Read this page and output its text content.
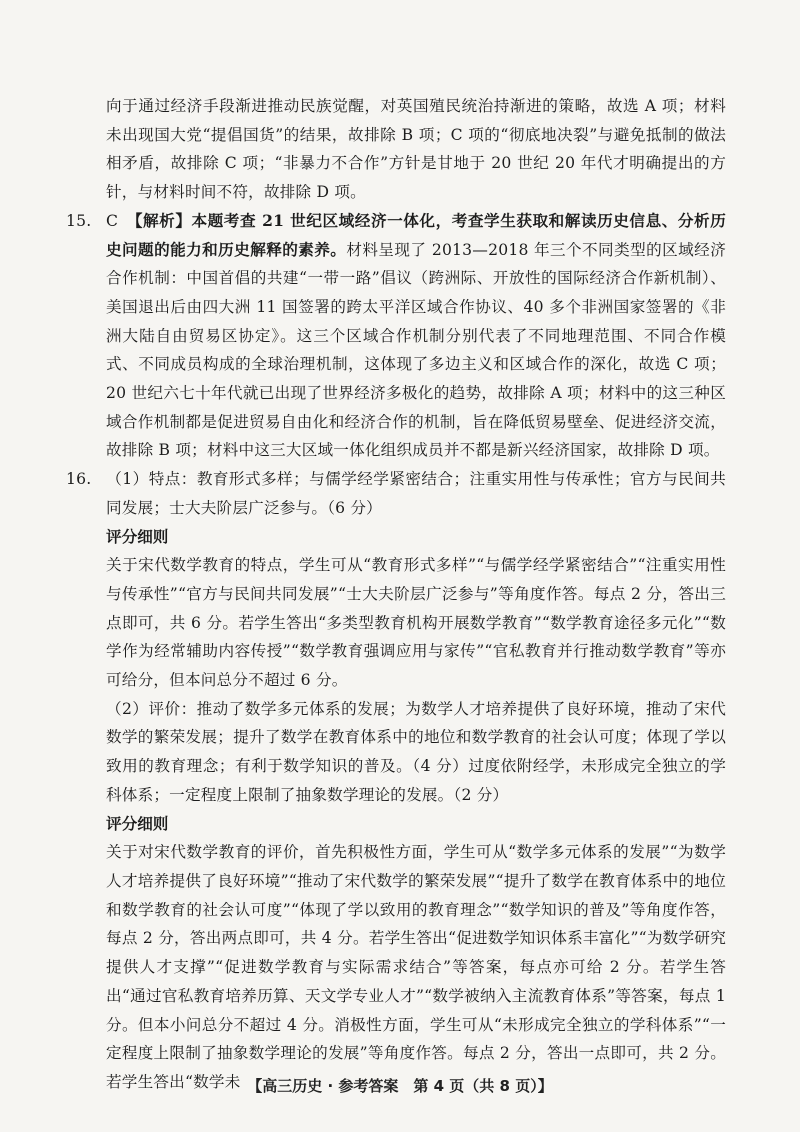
向于通过经济手段渐进推动民族觉醒，对英国殖民统治持渐进的策略，故选 A 项；材料未出现国大党“提倡国货”的结果，故排除 B 项；C 项的“彻底地决裂”与避免抵制的做法相矛盾，故排除 C 项；“非暴力不合作”方针是甘地于 20 世纪 20 年代才明确提出的方针，与材料时间不符，故排除 D 项。

15. C　 【解析】本题考查 21 世纪区域经济一体化，考查学生获取和解读历史信息、分析历史问题的能力和历史解释的素养。材料呈现了 2013—2018 年三个不同类型的区域经济合作机制：中国首倡的共建“一带一路”倡议（跨洲际、开放性的国际经济合作新机制）、美国退出后由四大洲 11 国签署的跨太平洋区域合作协议、40 多个非洲国家签署的《非洲大陆自由贸易区协定》。这三个区域合作机制分别代表了不同地理范围、不同合作模式、不同成员构成的全球治理机制，这体现了多边主义和区域合作的深化，故选 C 项；20 世纪六七十年代就已出现了世界经济多极化的趋势，故排除 A 项；材料中的这三种区域合作机制都是促进贸易自由化和经济合作的机制，旨在降低贸易壁垒、促进经济交流，故排除 B 项；材料中这三大区域一体化组织成员并不都是新兴经济国家，故排除 D 项。

16. （1）特点：教育形式多样；与儒学经学紧密结合；注重实用性与传承性；官方与民间共同发展；士大夫阶层广泛参与。（6 分）

评分细则

关于宋代数学教育的特点，学生可从“教育形式多样”“与儒学经学紧密结合”“注重实用性与传承性”“官方与民间共同发展”“士大夫阶层广泛参与”等角度作答。每点 2 分，答出三点即可，共 6 分。若学生答出“多类型教育机构开展数学教育”“数学教育途径多元化”“数学作为经常辅助内容传授”“数学教育强调应用与家传”“官私教育并行推动数学教育”等亦可给分，但本问总分不超过 6 分。

（2）评价：推动了数学多元体系的发展；为数学人才培养提供了良好环境，推动了宋代数学的繁荣发展；提升了数学在教育体系中的地位和数学教育的社会认可度；体现了学以致用的教育理念；有利于数学知识的普及。（4 分）过度依附经学，未形成完全独立的学科体系；一定程度上限制了抽象数学理论的发展。（2 分）

评分细则

关于对宋代数学教育的评价，首先积极性方面，学生可从“数学多元体系的发展”“为数学人才培养提供了良好环境”“推动了宋代数学的繁荣发展”“提升了数学在教育体系中的地位和数学教育的社会认可度”“体现了学以致用的教育理念”“数学知识的普及”等角度作答，每点 2 分，答出两点即可，共 4 分。若学生答出“促进数学知识体系丰富化”“为数学研究提供人才支撑”“促进数学教育与实际需求结合”等答案，每点亦可给 2 分。若学生答出“通过官私教育培养历算、天文学专业人才”“数学被纳入主流教育体系”等答案，每点 1 分。但本小问总分不超过 4 分。消极性方面，学生可从“未形成完全独立的学科体系”“一定程度上限制了抽象数学理论的发展”等角度作答。每点 2 分，答出一点即可，共 2 分。若学生答出“数学未 【高三历史 · 参考答案　第 4 页（共 8 页）】
